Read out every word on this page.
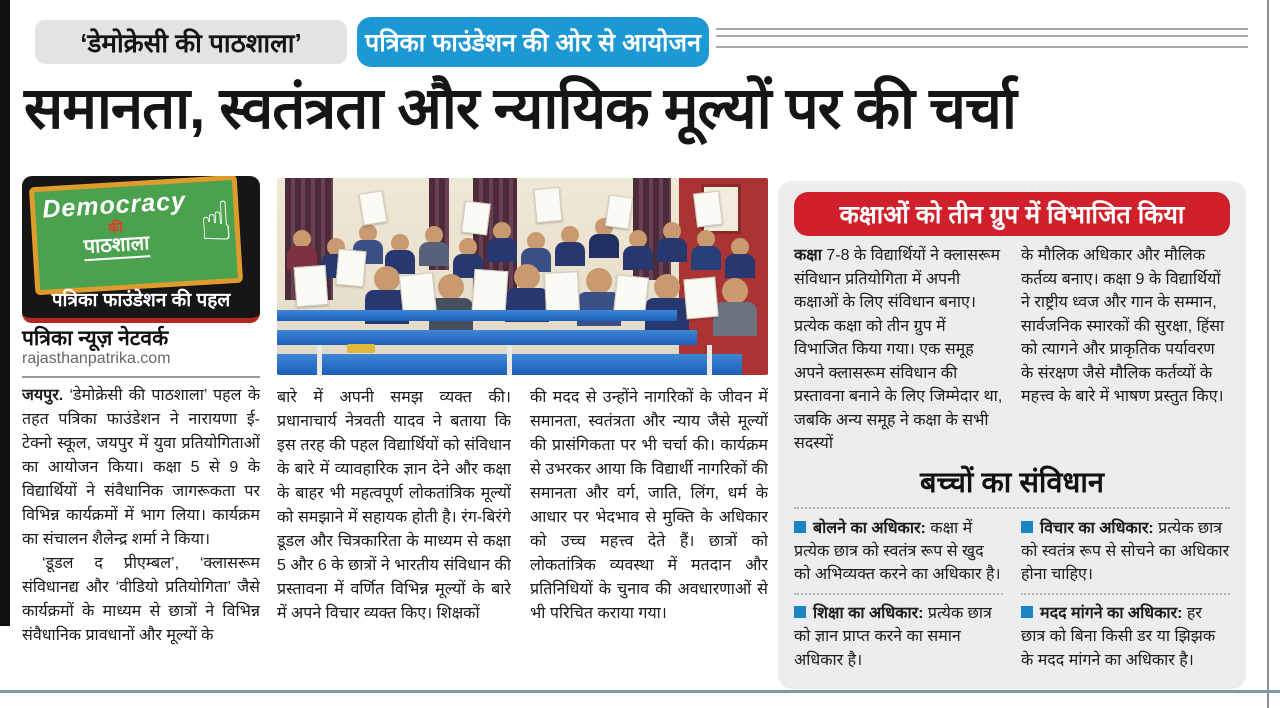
‘डेमोक्रेसी की पाठशाला’	पत्रिका फाउंडेशन की ओर से आयोजन
समानता, स्वतंत्रता और न्यायिक मूल्यों पर की चर्चा
Democracy
की
पाठशाला ☝
पत्रिका फाउंडेशन की पहल
पत्रिका न्यूज़ नेटवर्क
rajasthanpatrika.com

जयपुर. ‘डेमोक्रेसी की पाठशाला’ पहल के तहत पत्रिका फाउंडेशन ने नारायणा ई-टेक्नो स्कूल, जयपुर में युवा प्रतियोगिताओं का आयोजन किया। कक्षा 5 से 9 के विद्यार्थियों ने संवैधानिक जागरूकता पर विभिन्न कार्यक्रमों में भाग लिया। कार्यक्रम का संचालन शैलेन्द्र शर्मा ने किया।

‘डूडल द प्रीएम्बल’, ‘क्लासरूम संविधानद्य और ‘वीडियो प्रतियोगिता’ जैसे कार्यक्रमों के माध्यम से छात्रों ने विभिन्न संवैधानिक प्रावधानों और मूल्यों के

बारे में अपनी समझ व्यक्त की। प्रधानाचार्य नेत्रवती यादव ने बताया कि इस तरह की पहल विद्यार्थियों को संविधान के बारे में व्यावहारिक ज्ञान देने और कक्षा के बाहर भी महत्वपूर्ण लोकतांत्रिक मूल्यों को समझाने में सहायक होती है। रंग-बिरंगे डूडल और चित्रकारिता के माध्यम से कक्षा 5 और 6 के छात्रों ने भारतीय संविधान की प्रस्तावना में वर्णित विभिन्न मूल्यों के बारे में अपने विचार व्यक्त किए। शिक्षकों

की मदद से उन्होंने नागरिकों के जीवन में समानता, स्वतंत्रता और न्याय जैसे मूल्यों की प्रासंगिकता पर भी चर्चा की। कार्यक्रम से उभरकर आया कि विद्यार्थी नागरिकों की समानता और वर्ग, जाति, लिंग, धर्म के आधार पर भेदभाव से मुक्ति के अधिकार को उच्च महत्त्व देते हैं। छात्रों को लोकतांत्रिक व्यवस्था में मतदान और प्रतिनिधियों के चुनाव की अवधारणाओं से भी परिचित कराया गया।

कक्षाओं को तीन ग्रुप में विभाजित किया
कक्षा 7-8 के विद्यार्थियों ने क्लासरूम संविधान प्रतियोगिता में अपनी कक्षाओं के लिए संविधान बनाए। प्रत्येक कक्षा को तीन ग्रुप में विभाजित किया गया। एक समूह अपने क्लासरूम संविधान की प्रस्तावना बनाने के लिए जिम्मेदार था, जबकि अन्य समूह ने कक्षा के सभी सदस्यों
के मौलिक अधिकार और मौलिक कर्तव्य बनाए। कक्षा 9 के विद्यार्थियों ने राष्ट्रीय ध्वज और गान के सम्मान, सार्वजनिक स्मारकों की सुरक्षा, हिंसा को त्यागने और प्राकृतिक पर्यावरण के संरक्षण जैसे मौलिक कर्तव्यों के महत्त्व के बारे में भाषण प्रस्तुत किए।
बच्चों का संविधान
बोलने का अधिकार: कक्षा में प्रत्येक छात्र को स्वतंत्र रूप से खुद को अभिव्यक्त करने का अधिकार है।
शिक्षा का अधिकार: प्रत्येक छात्र को ज्ञान प्राप्त करने का समान अधिकार है।
विचार का अधिकार: प्रत्येक छात्र को स्वतंत्र रूप से सोचने का अधिकार होना चाहिए।
मदद मांगने का अधिकार: हर छात्र को बिना किसी डर या झिझक के मदद मांगने का अधिकार है।
